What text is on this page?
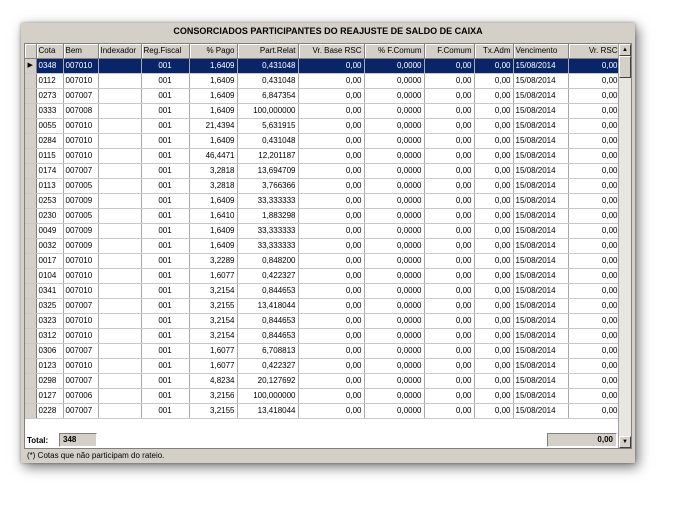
CONSORCIADOS PARTICIPANTES DO REAJUSTE DE SALDO DE CAIXA
	Cota	Bem	Indexador	Reg.Fiscal	% Pago	Part.Relat	Vr. Base RSC	% F.Comum	F.Comum	Tx.Adm	Vencimento	Vr. RSC
▶	0348	007010		001	1,6409	0,431048	0,00	0,0000	0,00	0,00	15/08/2014	0,00
	0112	007010		001	1,6409	0,431048	0,00	0,0000	0,00	0,00	15/08/2014	0,00
	0273	007007		001	1,6409	6,847354	0,00	0,0000	0,00	0,00	15/08/2014	0,00
	0333	007008		001	1,6409	100,000000	0,00	0,0000	0,00	0,00	15/08/2014	0,00
	0055	007010		001	21,4394	5,631915	0,00	0,0000	0,00	0,00	15/08/2014	0,00
	0284	007010		001	1,6409	0,431048	0,00	0,0000	0,00	0,00	15/08/2014	0,00
	0115	007010		001	46,4471	12,201187	0,00	0,0000	0,00	0,00	15/08/2014	0,00
	0174	007007		001	3,2818	13,694709	0,00	0,0000	0,00	0,00	15/08/2014	0,00
	0113	007005		001	3,2818	3,766366	0,00	0,0000	0,00	0,00	15/08/2014	0,00
	0253	007009		001	1,6409	33,333333	0,00	0,0000	0,00	0,00	15/08/2014	0,00
	0230	007005		001	1,6410	1,883298	0,00	0,0000	0,00	0,00	15/08/2014	0,00
	0049	007009		001	1,6409	33,333333	0,00	0,0000	0,00	0,00	15/08/2014	0,00
	0032	007009		001	1,6409	33,333333	0,00	0,0000	0,00	0,00	15/08/2014	0,00
	0017	007010		001	3,2289	0,848200	0,00	0,0000	0,00	0,00	15/08/2014	0,00
	0104	007010		001	1,6077	0,422327	0,00	0,0000	0,00	0,00	15/08/2014	0,00
	0341	007010		001	3,2154	0,844653	0,00	0,0000	0,00	0,00	15/08/2014	0,00
	0325	007007		001	3,2155	13,418044	0,00	0,0000	0,00	0,00	15/08/2014	0,00
	0323	007010		001	3,2154	0,844653	0,00	0,0000	0,00	0,00	15/08/2014	0,00
	0312	007010		001	3,2154	0,844653	0,00	0,0000	0,00	0,00	15/08/2014	0,00
	0306	007007		001	1,6077	6,708813	0,00	0,0000	0,00	0,00	15/08/2014	0,00
	0123	007010		001	1,6077	0,422327	0,00	0,0000	0,00	0,00	15/08/2014	0,00
	0298	007007		001	4,8234	20,127692	0,00	0,0000	0,00	0,00	15/08/2014	0,00
	0127	007006		001	3,2156	100,000000	0,00	0,0000	0,00	0,00	15/08/2014	0,00
	0228	007007		001	3,2155	13,418044	0,00	0,0000	0,00	0,00	15/08/2014	0,00
▲
▼
Total:	348	0,00
(*) Cotas que não participam do rateio.
